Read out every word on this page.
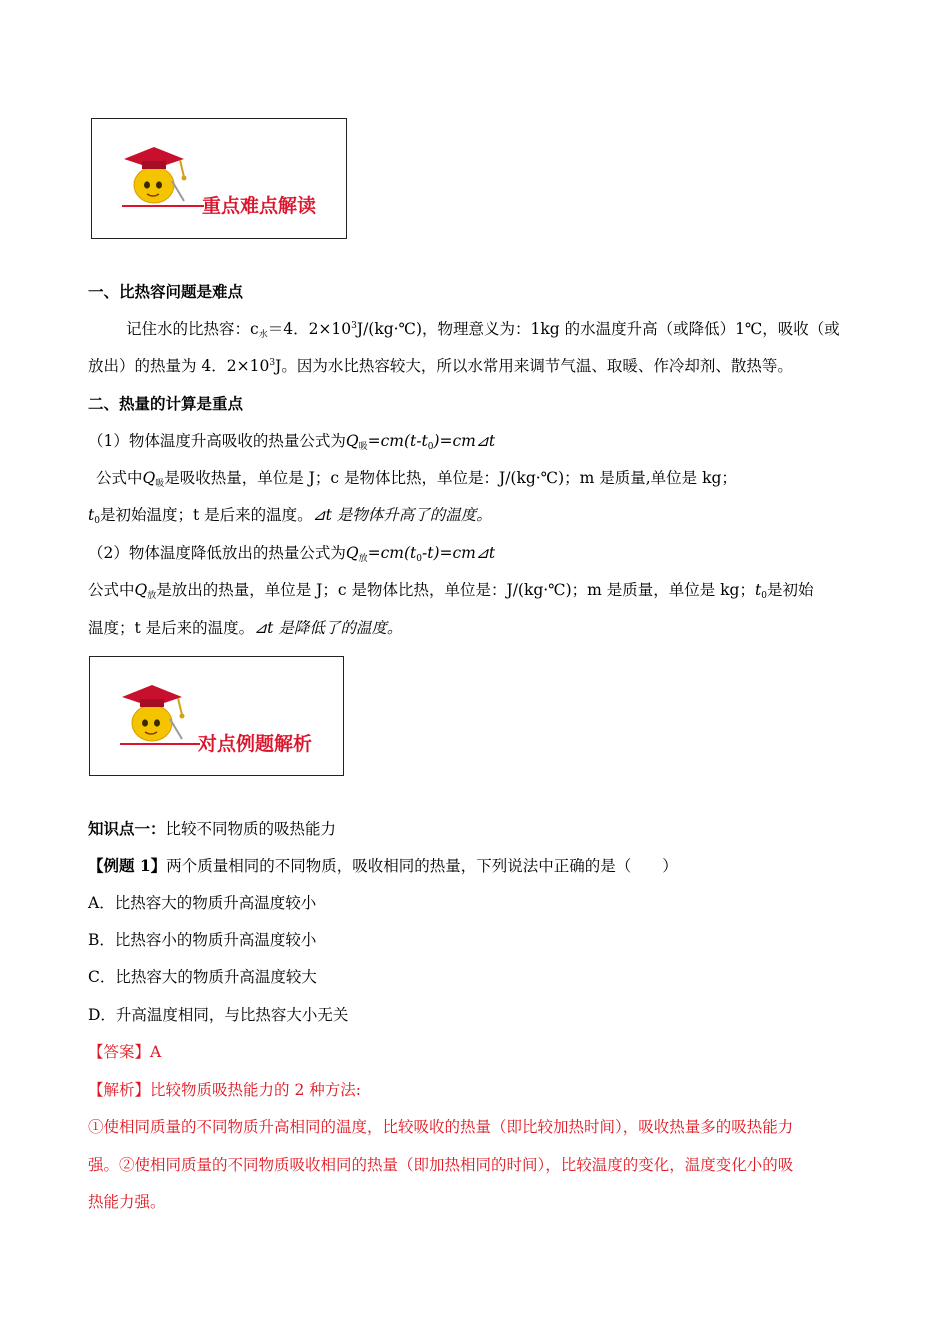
重点难点解读
一、比热容问题是难点
记住水的比热容：$c_水=4$．$2\times 10^3J/(kg\cdot℃)$，物理意义为：1kg 的水温度升高（或降低）1℃，吸收（或
放出）的热量为 4．$2\times 10^3J$。因为水比热容较大，所以水常用来调节气温、取暖、作冷却剂、散热等。
二、热量的计算是重点
（1）物体温度升高吸收的热量公式为$Q_吸=cm(t-t_0)=cm⊿t$
公式中$Q_吸$是吸收热量，单位是 J；c 是物体比热，单位是：J/(kg·℃)；m 是质量,单位是 kg；
$t_0$是初始温度；t 是后来的温度。⊿t 是物体升高了的温度。
（2）物体温度降低放出的热量公式为$Q_放=cm(t_0-t)=cm⊿t$
公式中$Q_放$是放出的热量，单位是 J；c 是物体比热，单位是：J/(kg·℃)；m 是质量，单位是 kg；$t_0$是初始
温度；t 是后来的温度。⊿t 是降低了的温度。
对点例题解析
知识点一：比较不同物质的吸热能力
【例题 1】两个质量相同的不同物质，吸收相同的热量，下列说法中正确的是（　　）
A．比热容大的物质升高温度较小
B．比热容小的物质升高温度较小
C．比热容大的物质升高温度较大
D．升高温度相同，与比热容大小无关
【答案】A
【解析】比较物质吸热能力的 2 种方法:
①使相同质量的不同物质升高相同的温度，比较吸收的热量（即比较加热时间），吸收热量多的吸热能力
强。②使相同质量的不同物质吸收相同的热量（即加热相同的时间），比较温度的变化，温度变化小的吸
热能力强。
